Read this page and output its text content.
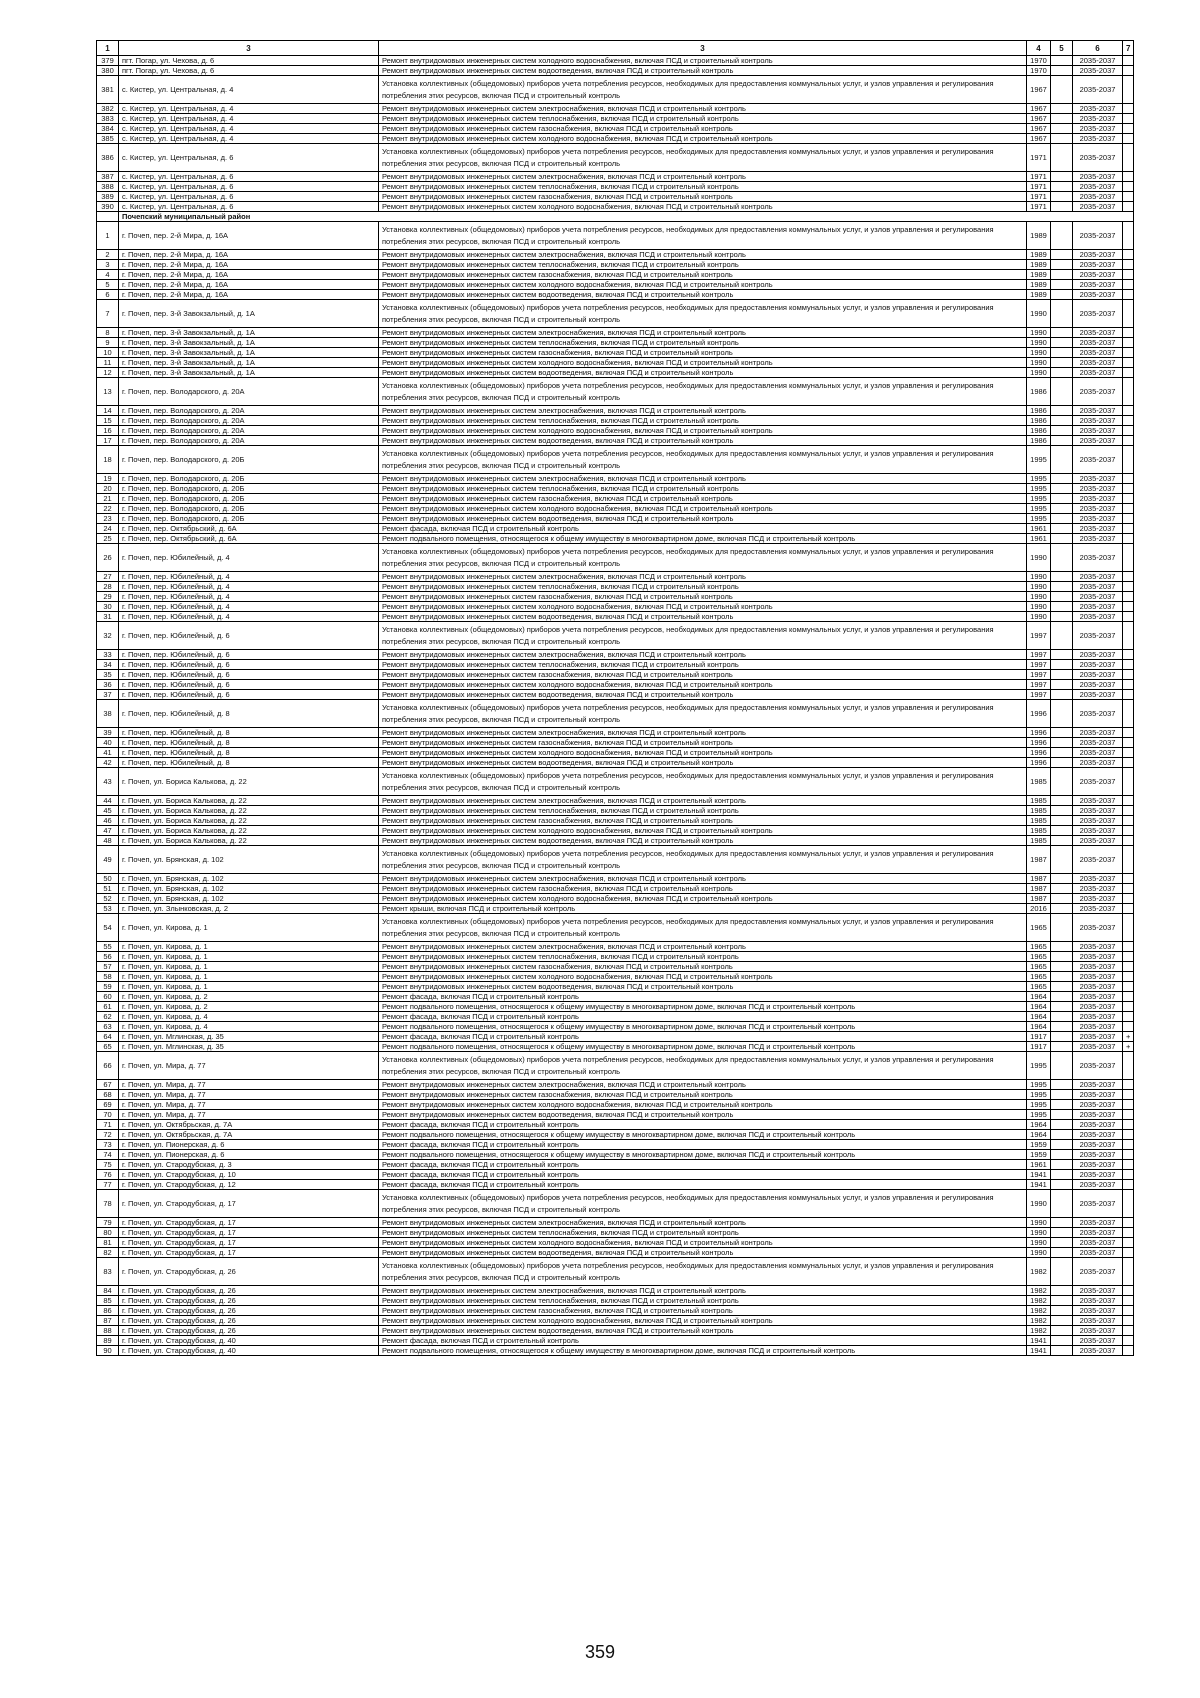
1	3	3	4	5	6	7
379	пгт. Погар, ул. Чехова, д. 6	Ремонт внутридомовых инженерных систем холодного водоснабжения, включая ПСД и строительный контроль	1970		2035-2037	
380	пгт. Погар, ул. Чехова, д. 6	Ремонт внутридомовых инженерных систем водоотведения, включая ПСД и строительный контроль	1970		2035-2037	
381	с. Кистер, ул. Центральная, д. 4	Установка коллективных (общедомовых) приборов учета потребления ресурсов, необходимых для предоставления коммунальных услуг, и узлов управления и регулирования потребления этих ресурсов, включая ПСД и строительный контроль	1967		2035-2037	
382	с. Кистер, ул. Центральная, д. 4	Ремонт внутридомовых инженерных систем электроснабжения, включая ПСД и строительный контроль	1967		2035-2037	
383	с. Кистер, ул. Центральная, д. 4	Ремонт внутридомовых инженерных систем теплоснабжения, включая ПСД и строительный контроль	1967		2035-2037	
384	с. Кистер, ул. Центральная, д. 4	Ремонт внутридомовых инженерных систем газоснабжения, включая ПСД и строительный контроль	1967		2035-2037	
385	с. Кистер, ул. Центральная, д. 4	Ремонт внутридомовых инженерных систем холодного водоснабжения, включая ПСД и строительный контроль	1967		2035-2037	
386	с. Кистер, ул. Центральная, д. 6	Установка коллективных (общедомовых) приборов учета потребления ресурсов, необходимых для предоставления коммунальных услуг, и узлов управления и регулирования потребления этих ресурсов, включая ПСД и строительный контроль	1971		2035-2037	
387	с. Кистер, ул. Центральная, д. 6	Ремонт внутридомовых инженерных систем электроснабжения, включая ПСД и строительный контроль	1971		2035-2037	
388	с. Кистер, ул. Центральная, д. 6	Ремонт внутридомовых инженерных систем теплоснабжения, включая ПСД и строительный контроль	1971		2035-2037	
389	с. Кистер, ул. Центральная, д. 6	Ремонт внутридомовых инженерных систем газоснабжения, включая ПСД и строительный контроль	1971		2035-2037	
390	с. Кистер, ул. Центральная, д. 6	Ремонт внутридомовых инженерных систем холодного водоснабжения, включая ПСД и строительный контроль	1971		2035-2037	
	Почепский муниципальный район					
1	г. Почеп, пер. 2-й Мира, д. 16А	Установка коллективных (общедомовых) приборов учета потребления ресурсов, необходимых для предоставления коммунальных услуг, и узлов управления и регулирования потребления этих ресурсов, включая ПСД и строительный контроль	1989		2035-2037	
2	г. Почеп, пер. 2-й Мира, д. 16А	Ремонт внутридомовых инженерных систем электроснабжения, включая ПСД и строительный контроль	1989		2035-2037	
3	г. Почеп, пер. 2-й Мира, д. 16А	Ремонт внутридомовых инженерных систем теплоснабжения, включая ПСД и строительный контроль	1989		2035-2037	
4	г. Почеп, пер. 2-й Мира, д. 16А	Ремонт внутридомовых инженерных систем газоснабжения, включая ПСД и строительный контроль	1989		2035-2037	
5	г. Почеп, пер. 2-й Мира, д. 16А	Ремонт внутридомовых инженерных систем холодного водоснабжения, включая ПСД и строительный контроль	1989		2035-2037	
6	г. Почеп, пер. 2-й Мира, д. 16А	Ремонт внутридомовых инженерных систем водоотведения, включая ПСД и строительный контроль	1989		2035-2037	
7	г. Почеп, пер. 3-й Завокзальный, д. 1А	Установка коллективных (общедомовых) приборов учета потребления ресурсов, необходимых для предоставления коммунальных услуг, и узлов управления и регулирования потребления этих ресурсов, включая ПСД и строительный контроль	1990		2035-2037	
8	г. Почеп, пер. 3-й Завокзальный, д. 1А	Ремонт внутридомовых инженерных систем электроснабжения, включая ПСД и строительный контроль	1990		2035-2037	
9	г. Почеп, пер. 3-й Завокзальный, д. 1А	Ремонт внутридомовых инженерных систем теплоснабжения, включая ПСД и строительный контроль	1990		2035-2037	
10	г. Почеп, пер. 3-й Завокзальный, д. 1А	Ремонт внутридомовых инженерных систем газоснабжения, включая ПСД и строительный контроль	1990		2035-2037	
11	г. Почеп, пер. 3-й Завокзальный, д. 1А	Ремонт внутридомовых инженерных систем холодного водоснабжения, включая ПСД и строительный контроль	1990		2035-2037	
12	г. Почеп, пер. 3-й Завокзальный, д. 1А	Ремонт внутридомовых инженерных систем водоотведения, включая ПСД и строительный контроль	1990		2035-2037	
13	г. Почеп, пер. Володарского, д. 20А	Установка коллективных (общедомовых) приборов учета потребления ресурсов, необходимых для предоставления коммунальных услуг, и узлов управления и регулирования потребления этих ресурсов, включая ПСД и строительный контроль	1986		2035-2037	
14	г. Почеп, пер. Володарского, д. 20А	Ремонт внутридомовых инженерных систем электроснабжения, включая ПСД и строительный контроль	1986		2035-2037	
15	г. Почеп, пер. Володарского, д. 20А	Ремонт внутридомовых инженерных систем теплоснабжения, включая ПСД и строительный контроль	1986		2035-2037	
16	г. Почеп, пер. Володарского, д. 20А	Ремонт внутридомовых инженерных систем холодного водоснабжения, включая ПСД и строительный контроль	1986		2035-2037	
17	г. Почеп, пер. Володарского, д. 20А	Ремонт внутридомовых инженерных систем водоотведения, включая ПСД и строительный контроль	1986		2035-2037	
18	г. Почеп, пер. Володарского, д. 20Б	Установка коллективных (общедомовых) приборов учета потребления ресурсов, необходимых для предоставления коммунальных услуг, и узлов управления и регулирования потребления этих ресурсов, включая ПСД и строительный контроль	1995		2035-2037	
19	г. Почеп, пер. Володарского, д. 20Б	Ремонт внутридомовых инженерных систем электроснабжения, включая ПСД и строительный контроль	1995		2035-2037	
20	г. Почеп, пер. Володарского, д. 20Б	Ремонт внутридомовых инженерных систем теплоснабжения, включая ПСД и строительный контроль	1995		2035-2037	
21	г. Почеп, пер. Володарского, д. 20Б	Ремонт внутридомовых инженерных систем газоснабжения, включая ПСД и строительный контроль	1995		2035-2037	
22	г. Почеп, пер. Володарского, д. 20Б	Ремонт внутридомовых инженерных систем холодного водоснабжения, включая ПСД и строительный контроль	1995		2035-2037	
23	г. Почеп, пер. Володарского, д. 20Б	Ремонт внутридомовых инженерных систем водоотведения, включая ПСД и строительный контроль	1995		2035-2037	
24	г. Почеп, пер. Октябрьский, д. 6А	Ремонт фасада, включая ПСД и строительный контроль	1961		2035-2037	
25	г. Почеп, пер. Октябрьский, д. 6А	Ремонт подвального помещения, относящегося к общему имуществу в многоквартирном доме, включая ПСД и строительный контроль	1961		2035-2037	
26	г. Почеп, пер. Юбилейный, д. 4	Установка коллективных (общедомовых) приборов учета потребления ресурсов, необходимых для предоставления коммунальных услуг, и узлов управления и регулирования потребления этих ресурсов, включая ПСД и строительный контроль	1990		2035-2037	
27	г. Почеп, пер. Юбилейный, д. 4	Ремонт внутридомовых инженерных систем электроснабжения, включая ПСД и строительный контроль	1990		2035-2037	
28	г. Почеп, пер. Юбилейный, д. 4	Ремонт внутридомовых инженерных систем теплоснабжения, включая ПСД и строительный контроль	1990		2035-2037	
29	г. Почеп, пер. Юбилейный, д. 4	Ремонт внутридомовых инженерных систем газоснабжения, включая ПСД и строительный контроль	1990		2035-2037	
30	г. Почеп, пер. Юбилейный, д. 4	Ремонт внутридомовых инженерных систем холодного водоснабжения, включая ПСД и строительный контроль	1990		2035-2037	
31	г. Почеп, пер. Юбилейный, д. 4	Ремонт внутридомовых инженерных систем водоотведения, включая ПСД и строительный контроль	1990		2035-2037	
32	г. Почеп, пер. Юбилейный, д. 6	Установка коллективных (общедомовых) приборов учета потребления ресурсов, необходимых для предоставления коммунальных услуг, и узлов управления и регулирования потребления этих ресурсов, включая ПСД и строительный контроль	1997		2035-2037	
33	г. Почеп, пер. Юбилейный, д. 6	Ремонт внутридомовых инженерных систем электроснабжения, включая ПСД и строительный контроль	1997		2035-2037	
34	г. Почеп, пер. Юбилейный, д. 6	Ремонт внутридомовых инженерных систем теплоснабжения, включая ПСД и строительный контроль	1997		2035-2037	
35	г. Почеп, пер. Юбилейный, д. 6	Ремонт внутридомовых инженерных систем газоснабжения, включая ПСД и строительный контроль	1997		2035-2037	
36	г. Почеп, пер. Юбилейный, д. 6	Ремонт внутридомовых инженерных систем холодного водоснабжения, включая ПСД и строительный контроль	1997		2035-2037	
37	г. Почеп, пер. Юбилейный, д. 6	Ремонт внутридомовых инженерных систем водоотведения, включая ПСД и строительный контроль	1997		2035-2037	
38	г. Почеп, пер. Юбилейный, д. 8	Установка коллективных (общедомовых) приборов учета потребления ресурсов, необходимых для предоставления коммунальных услуг, и узлов управления и регулирования потребления этих ресурсов, включая ПСД и строительный контроль	1996		2035-2037	
39	г. Почеп, пер. Юбилейный, д. 8	Ремонт внутридомовых инженерных систем электроснабжения, включая ПСД и строительный контроль	1996		2035-2037	
40	г. Почеп, пер. Юбилейный, д. 8	Ремонт внутридомовых инженерных систем газоснабжения, включая ПСД и строительный контроль	1996		2035-2037	
41	г. Почеп, пер. Юбилейный, д. 8	Ремонт внутридомовых инженерных систем холодного водоснабжения, включая ПСД и строительный контроль	1996		2035-2037	
42	г. Почеп, пер. Юбилейный, д. 8	Ремонт внутридомовых инженерных систем водоотведения, включая ПСД и строительный контроль	1996		2035-2037	
43	г. Почеп, ул. Бориса Калькова, д. 22	Установка коллективных (общедомовых) приборов учета потребления ресурсов, необходимых для предоставления коммунальных услуг, и узлов управления и регулирования потребления этих ресурсов, включая ПСД и строительный контроль	1985		2035-2037	
44	г. Почеп, ул. Бориса Калькова, д. 22	Ремонт внутридомовых инженерных систем электроснабжения, включая ПСД и строительный контроль	1985		2035-2037	
45	г. Почеп, ул. Бориса Калькова, д. 22	Ремонт внутридомовых инженерных систем теплоснабжения, включая ПСД и строительный контроль	1985		2035-2037	
46	г. Почеп, ул. Бориса Калькова, д. 22	Ремонт внутридомовых инженерных систем газоснабжения, включая ПСД и строительный контроль	1985		2035-2037	
47	г. Почеп, ул. Бориса Калькова, д. 22	Ремонт внутридомовых инженерных систем холодного водоснабжения, включая ПСД и строительный контроль	1985		2035-2037	
48	г. Почеп, ул. Бориса Калькова, д. 22	Ремонт внутридомовых инженерных систем водоотведения, включая ПСД и строительный контроль	1985		2035-2037	
49	г. Почеп, ул. Брянская, д. 102	Установка коллективных (общедомовых) приборов учета потребления ресурсов, необходимых для предоставления коммунальных услуг, и узлов управления и регулирования потребления этих ресурсов, включая ПСД и строительный контроль	1987		2035-2037	
50	г. Почеп, ул. Брянская, д. 102	Ремонт внутридомовых инженерных систем электроснабжения, включая ПСД и строительный контроль	1987		2035-2037	
51	г. Почеп, ул. Брянская, д. 102	Ремонт внутридомовых инженерных систем газоснабжения, включая ПСД и строительный контроль	1987		2035-2037	
52	г. Почеп, ул. Брянская, д. 102	Ремонт внутридомовых инженерных систем холодного водоснабжения, включая ПСД и строительный контроль	1987		2035-2037	
53	г. Почеп, ул. Злынковская, д. 2	Ремонт крыши, включая ПСД и строительный контроль	2016		2035-2037	
54	г. Почеп, ул. Кирова, д. 1	Установка коллективных (общедомовых) приборов учета потребления ресурсов, необходимых для предоставления коммунальных услуг, и узлов управления и регулирования потребления этих ресурсов, включая ПСД и строительный контроль	1965		2035-2037	
55	г. Почеп, ул. Кирова, д. 1	Ремонт внутридомовых инженерных систем электроснабжения, включая ПСД и строительный контроль	1965		2035-2037	
56	г. Почеп, ул. Кирова, д. 1	Ремонт внутридомовых инженерных систем теплоснабжения, включая ПСД и строительный контроль	1965		2035-2037	
57	г. Почеп, ул. Кирова, д. 1	Ремонт внутридомовых инженерных систем газоснабжения, включая ПСД и строительный контроль	1965		2035-2037	
58	г. Почеп, ул. Кирова, д. 1	Ремонт внутридомовых инженерных систем холодного водоснабжения, включая ПСД и строительный контроль	1965		2035-2037	
59	г. Почеп, ул. Кирова, д. 1	Ремонт внутридомовых инженерных систем водоотведения, включая ПСД и строительный контроль	1965		2035-2037	
60	г. Почеп, ул. Кирова, д. 2	Ремонт фасада, включая ПСД и строительный контроль	1964		2035-2037	
61	г. Почеп, ул. Кирова, д. 2	Ремонт подвального помещения, относящегося к общему имуществу в многоквартирном доме, включая ПСД и строительный контроль	1964		2035-2037	
62	г. Почеп, ул. Кирова, д. 4	Ремонт фасада, включая ПСД и строительный контроль	1964		2035-2037	
63	г. Почеп, ул. Кирова, д. 4	Ремонт подвального помещения, относящегося к общему имуществу в многоквартирном доме, включая ПСД и строительный контроль	1964		2035-2037	
64	г. Почеп, ул. Мглинская, д. 35	Ремонт фасада, включая ПСД и строительный контроль	1917		2035-2037	+
65	г. Почеп, ул. Мглинская, д. 35	Ремонт подвального помещения, относящегося к общему имуществу в многоквартирном доме, включая ПСД и строительный контроль	1917		2035-2037	+
66	г. Почеп, ул. Мира, д. 77	Установка коллективных (общедомовых) приборов учета потребления ресурсов, необходимых для предоставления коммунальных услуг, и узлов управления и регулирования потребления этих ресурсов, включая ПСД и строительный контроль	1995		2035-2037	
67	г. Почеп, ул. Мира, д. 77	Ремонт внутридомовых инженерных систем электроснабжения, включая ПСД и строительный контроль	1995		2035-2037	
68	г. Почеп, ул. Мира, д. 77	Ремонт внутридомовых инженерных систем газоснабжения, включая ПСД и строительный контроль	1995		2035-2037	
69	г. Почеп, ул. Мира, д. 77	Ремонт внутридомовых инженерных систем холодного водоснабжения, включая ПСД и строительный контроль	1995		2035-2037	
70	г. Почеп, ул. Мира, д. 77	Ремонт внутридомовых инженерных систем водоотведения, включая ПСД и строительный контроль	1995		2035-2037	
71	г. Почеп, ул. Октябрьская, д. 7А	Ремонт фасада, включая ПСД и строительный контроль	1964		2035-2037	
72	г. Почеп, ул. Октябрьская, д. 7А	Ремонт подвального помещения, относящегося к общему имуществу в многоквартирном доме, включая ПСД и строительный контроль	1964		2035-2037	
73	г. Почеп, ул. Пионерская, д. 6	Ремонт фасада, включая ПСД и строительный контроль	1959		2035-2037	
74	г. Почеп, ул. Пионерская, д. 6	Ремонт подвального помещения, относящегося к общему имуществу в многоквартирном доме, включая ПСД и строительный контроль	1959		2035-2037	
75	г. Почеп, ул. Стародубская, д. 3	Ремонт фасада, включая ПСД и строительный контроль	1961		2035-2037	
76	г. Почеп, ул. Стародубская, д. 10	Ремонт фасада, включая ПСД и строительный контроль	1941		2035-2037	
77	г. Почеп, ул. Стародубская, д. 12	Ремонт фасада, включая ПСД и строительный контроль	1941		2035-2037	
78	г. Почеп, ул. Стародубская, д. 17	Установка коллективных (общедомовых) приборов учета потребления ресурсов, необходимых для предоставления коммунальных услуг, и узлов управления и регулирования потребления этих ресурсов, включая ПСД и строительный контроль	1990		2035-2037	
79	г. Почеп, ул. Стародубская, д. 17	Ремонт внутридомовых инженерных систем электроснабжения, включая ПСД и строительный контроль	1990		2035-2037	
80	г. Почеп, ул. Стародубская, д. 17	Ремонт внутридомовых инженерных систем теплоснабжения, включая ПСД и строительный контроль	1990		2035-2037	
81	г. Почеп, ул. Стародубская, д. 17	Ремонт внутридомовых инженерных систем холодного водоснабжения, включая ПСД и строительный контроль	1990		2035-2037	
82	г. Почеп, ул. Стародубская, д. 17	Ремонт внутридомовых инженерных систем водоотведения, включая ПСД и строительный контроль	1990		2035-2037	
83	г. Почеп, ул. Стародубская, д. 26	Установка коллективных (общедомовых) приборов учета потребления ресурсов, необходимых для предоставления коммунальных услуг, и узлов управления и регулирования потребления этих ресурсов, включая ПСД и строительный контроль	1982		2035-2037	
84	г. Почеп, ул. Стародубская, д. 26	Ремонт внутридомовых инженерных систем электроснабжения, включая ПСД и строительный контроль	1982		2035-2037	
85	г. Почеп, ул. Стародубская, д. 26	Ремонт внутридомовых инженерных систем теплоснабжения, включая ПСД и строительный контроль	1982		2035-2037	
86	г. Почеп, ул. Стародубская, д. 26	Ремонт внутридомовых инженерных систем газоснабжения, включая ПСД и строительный контроль	1982		2035-2037	
87	г. Почеп, ул. Стародубская, д. 26	Ремонт внутридомовых инженерных систем холодного водоснабжения, включая ПСД и строительный контроль	1982		2035-2037	
88	г. Почеп, ул. Стародубская, д. 26	Ремонт внутридомовых инженерных систем водоотведения, включая ПСД и строительный контроль	1982		2035-2037	
89	г. Почеп, ул. Стародубская, д. 40	Ремонт фасада, включая ПСД и строительный контроль	1941		2035-2037	
90	г. Почеп, ул. Стародубская, д. 40	Ремонт подвального помещения, относящегося к общему имуществу в многоквартирном доме, включая ПСД и строительный контроль	1941		2035-2037	
359
